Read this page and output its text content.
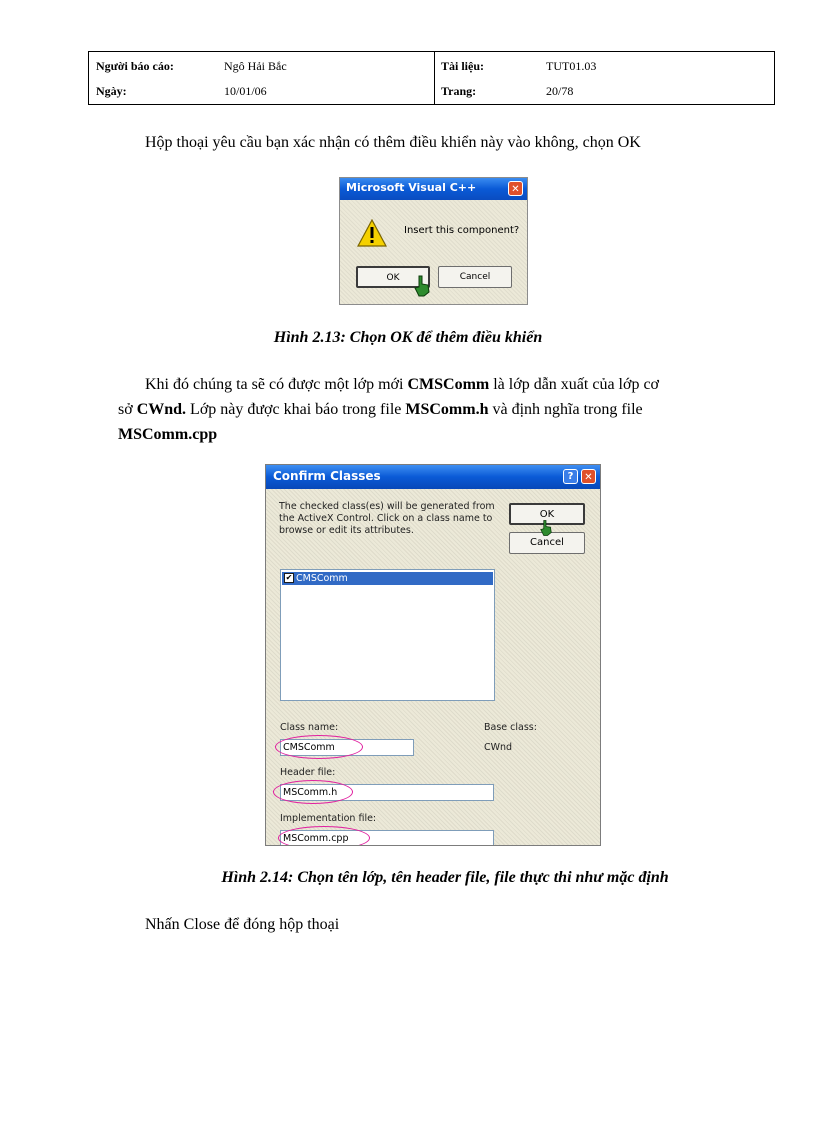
Người báo cáo:	Ngô Hải Bắc
Ngày:	10/01/06
Tài liệu:	TUT01.03
Trang:	20/78

Hộp thoại yêu cầu bạn xác nhận có thêm điều khiển này vào không, chọn OK

Microsoft Visual C++	✕
Insert this component?
OK	Cancel
Hình 2.13: Chọn OK để thêm điều khiển

Khi đó chúng ta sẽ có được một lớp mới CMSComm là lớp dẫn xuất của lớp cơ

sở CWnd. Lớp này được khai báo trong file MSComm.h và định nghĩa trong file

MSComm.cpp

Confirm Classes	?	✕
The checked class(es) will be generated from the ActiveX Control. Click on a class name to browse or edit its attributes.
OK
Cancel
✔ CMSComm
Class name:	Base class:
CMSComm	CWnd
Header file:
MSComm.h
Implementation file:
MSComm.cpp
Hình 2.14: Chọn tên lớp, tên header file, file thực thi như mặc định

Nhấn Close để đóng hộp thoại
